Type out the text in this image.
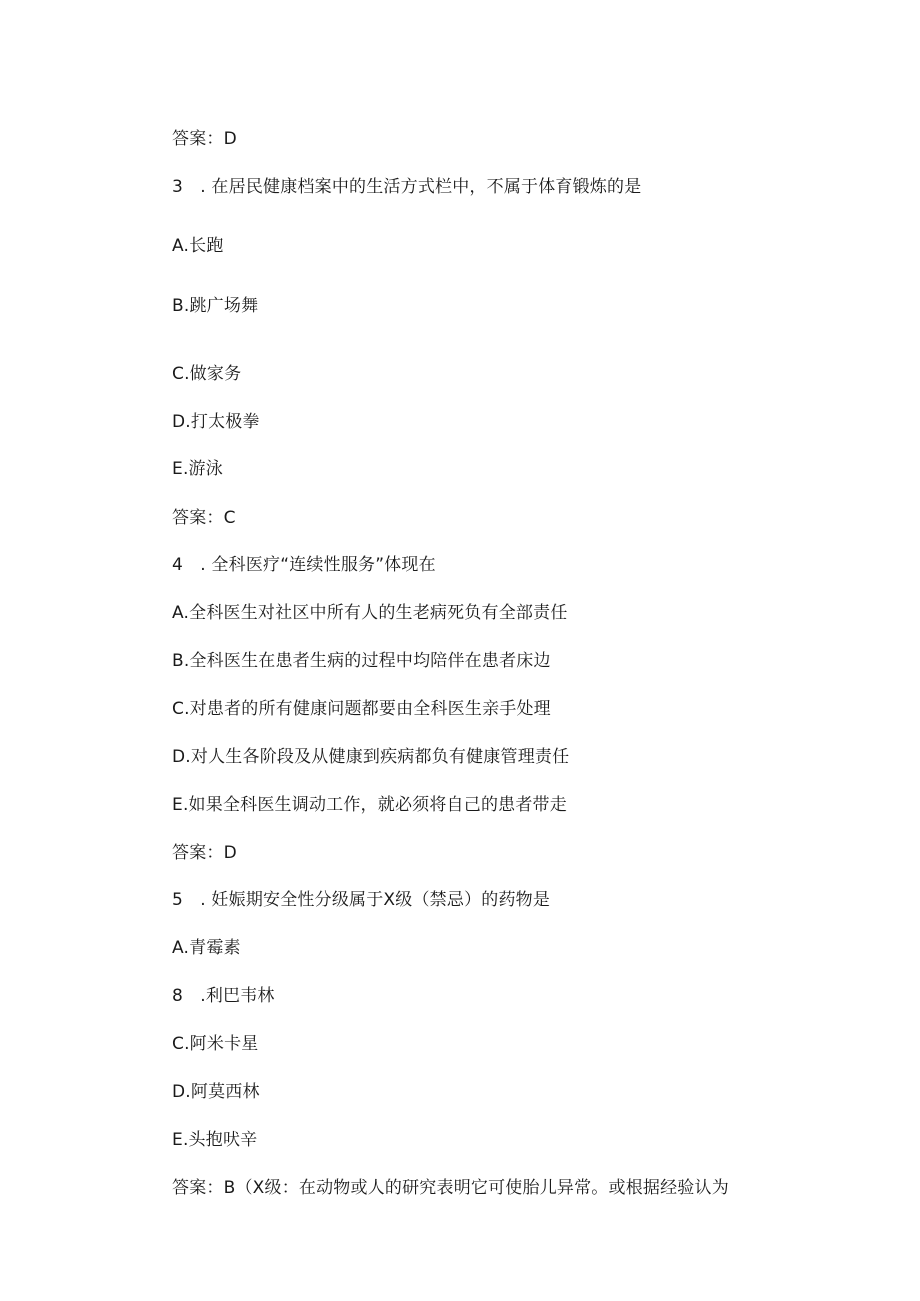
答案：D
3　. 在居民健康档案中的生活方式栏中，不属于体育锻炼的是
A.长跑
B.跳广场舞
C.做家务
D.打太极拳
E.游泳
答案：C
4　. 全科医疗“连续性服务”体现在
A.全科医生对社区中所有人的生老病死负有全部责任
B.全科医生在患者生病的过程中均陪伴在患者床边
C.对患者的所有健康问题都要由全科医生亲手处理
D.对人生各阶段及从健康到疾病都负有健康管理责任
E.如果全科医生调动工作，就必须将自己的患者带走
答案：D
5　. 妊娠期安全性分级属于X级（禁忌）的药物是
A.青霉素
8　.利巴韦林
C.阿米卡星
D.阿莫西林
E.头抱吠辛
答案：B（X级：在动物或人的研究表明它可使胎儿异常。或根据经验认为
